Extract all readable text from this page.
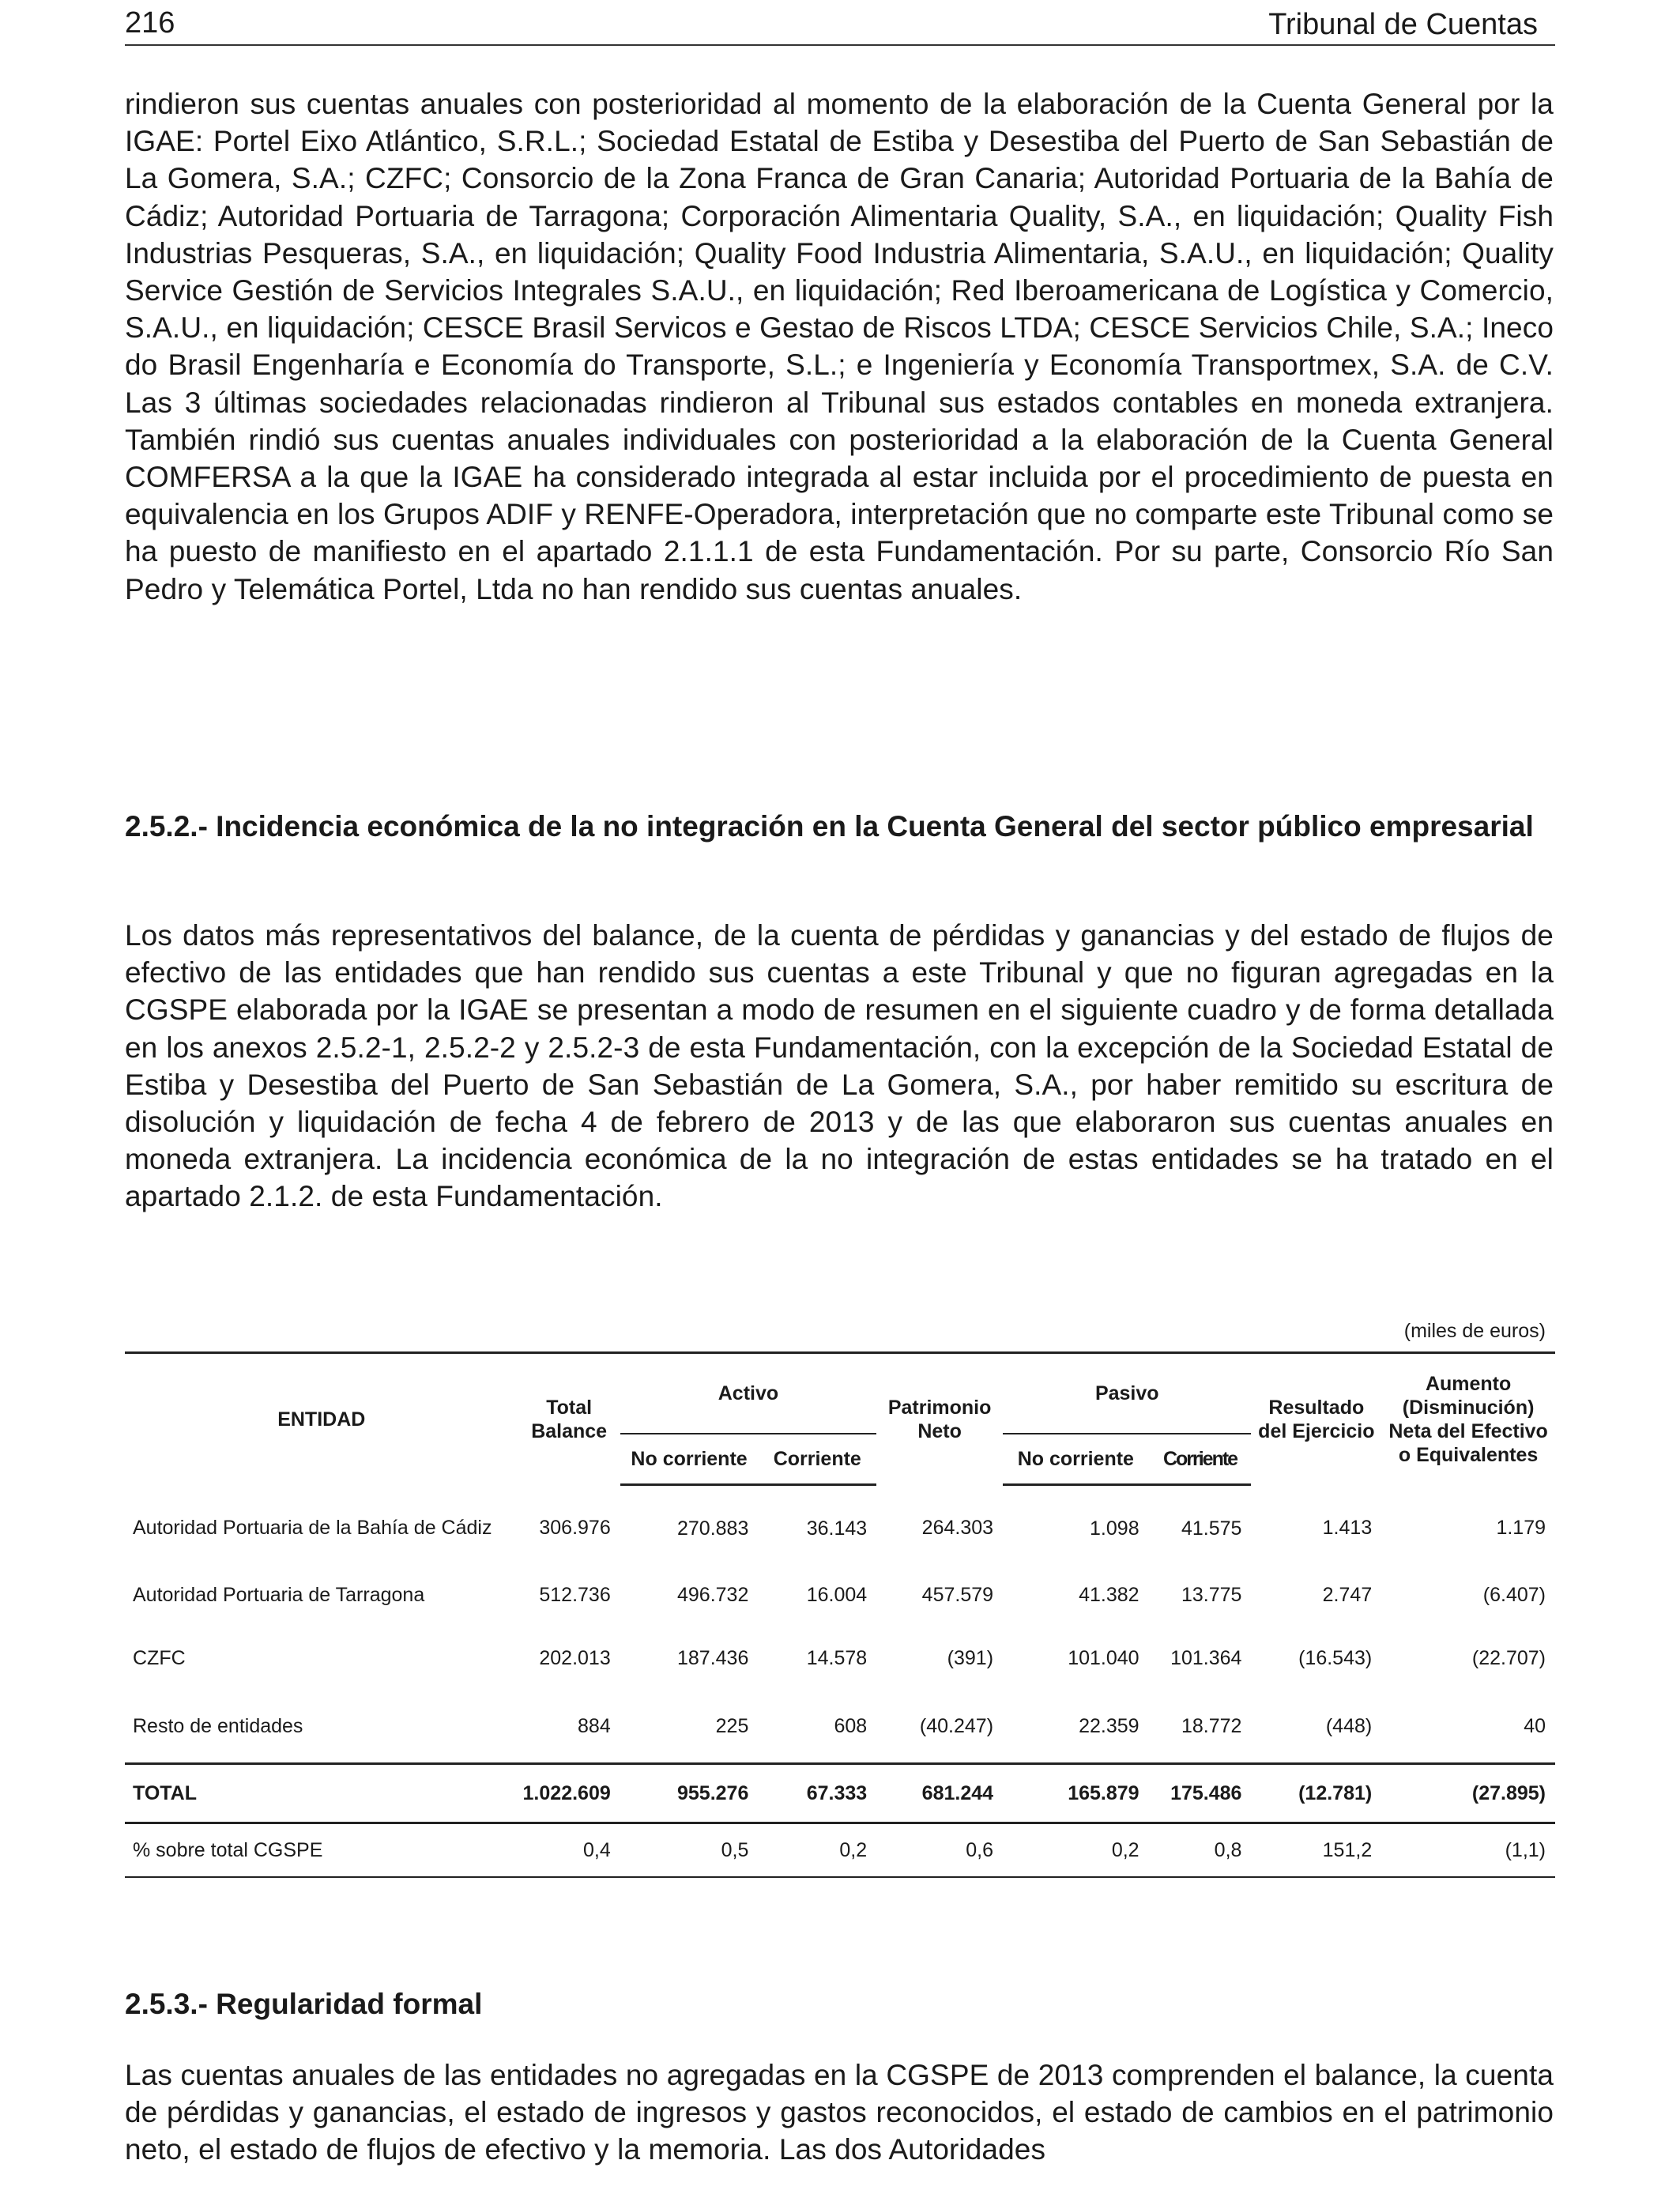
216	Tribunal de Cuentas

rindieron sus cuentas anuales con posterioridad al momento de la elaboración de la Cuenta General por la IGAE: Portel Eixo Atlántico, S.R.L.; Sociedad Estatal de Estiba y Desestiba del Puerto de San Sebastián de La Gomera, S.A.; CZFC; Consorcio de la Zona Franca de Gran Canaria; Autoridad Portuaria de la Bahía de Cádiz; Autoridad Portuaria de Tarragona; Corporación Alimentaria Quality, S.A., en liquidación; Quality Fish Industrias Pesqueras, S.A., en liquidación; Quality Food Industria Alimentaria, S.A.U., en liquidación; Quality Service Gestión de Servicios Integrales S.A.U., en liquidación; Red Iberoamericana de Logística y Comercio, S.A.U., en liquidación; CESCE Brasil Servicos e Gestao de Riscos LTDA; CESCE Servicios Chile, S.A.; Ineco do Brasil Engenharía e Economía do Transporte, S.L.; e Ingeniería y Economía Transportmex, S.A. de C.V. Las 3 últimas sociedades relacionadas rindieron al Tribunal sus estados contables en moneda extranjera. También rindió sus cuentas anuales individuales con posterioridad a la elaboración de la Cuenta General COMFERSA a la que la IGAE ha considerado integrada al estar incluida por el procedimiento de puesta en equivalencia en los Grupos ADIF y RENFE-Operadora, interpretación que no comparte este Tribunal como se ha puesto de manifiesto en el apartado 2.1.1.1 de esta Fundamentación. Por su parte, Consorcio Río San Pedro y Telemática Portel, Ltda no han rendido sus cuentas anuales.

2.5.2.- Incidencia económica de la no integración en la Cuenta General del sector público empresarial

Los datos más representativos del balance, de la cuenta de pérdidas y ganancias y del estado de flujos de efectivo de las entidades que han rendido sus cuentas a este Tribunal y que no figuran agregadas en la CGSPE elaborada por la IGAE se presentan a modo de resumen en el siguiente cuadro y de forma detallada en los anexos 2.5.2-1, 2.5.2-2 y 2.5.2-3 de esta Fundamentación, con la excepción de la Sociedad Estatal de Estiba y Desestiba del Puerto de San Sebastián de La Gomera, S.A., por haber remitido su escritura de disolución y liquidación de fecha 4 de febrero de 2013 y de las que elaboraron sus cuentas anuales en moneda extranjera. La incidencia económica de la no integración de estas entidades se ha tratado en el apartado 2.1.2. de esta Fundamentación.

(miles de euros)
ENTIDAD	Total Balance	Activo		Patrimonio Neto	Pasivo		Resultado del Ejercicio	Aumento (Disminución) Neta del Efectivo o Equivalentes
		No corriente	Corriente		No corriente	Corriente		
Autoridad Portuaria de la Bahía de Cádiz	306.976	270.883	36.143	264.303	1.098	41.575	1.413	1.179
Autoridad Portuaria de Tarragona	512.736	496.732	16.004	457.579	41.382	13.775	2.747	(6.407)
CZFC	202.013	187.436	14.578	(391)	101.040	101.364	(16.543)	(22.707)
Resto de entidades	884	225	608	(40.247)	22.359	18.772	(448)	40
TOTAL	1.022.609	955.276	67.333	681.244	165.879	175.486	(12.781)	(27.895)
% sobre total CGSPE	0,4	0,5	0,2	0,6	0,2	0,8	151,2	(1,1)
2.5.3.- Regularidad formal

Las cuentas anuales de las entidades no agregadas en la CGSPE de 2013 comprenden el balance, la cuenta de pérdidas y ganancias, el estado de ingresos y gastos reconocidos, el estado de cambios en el patrimonio neto, el estado de flujos de efectivo y la memoria. Las dos Autoridades
